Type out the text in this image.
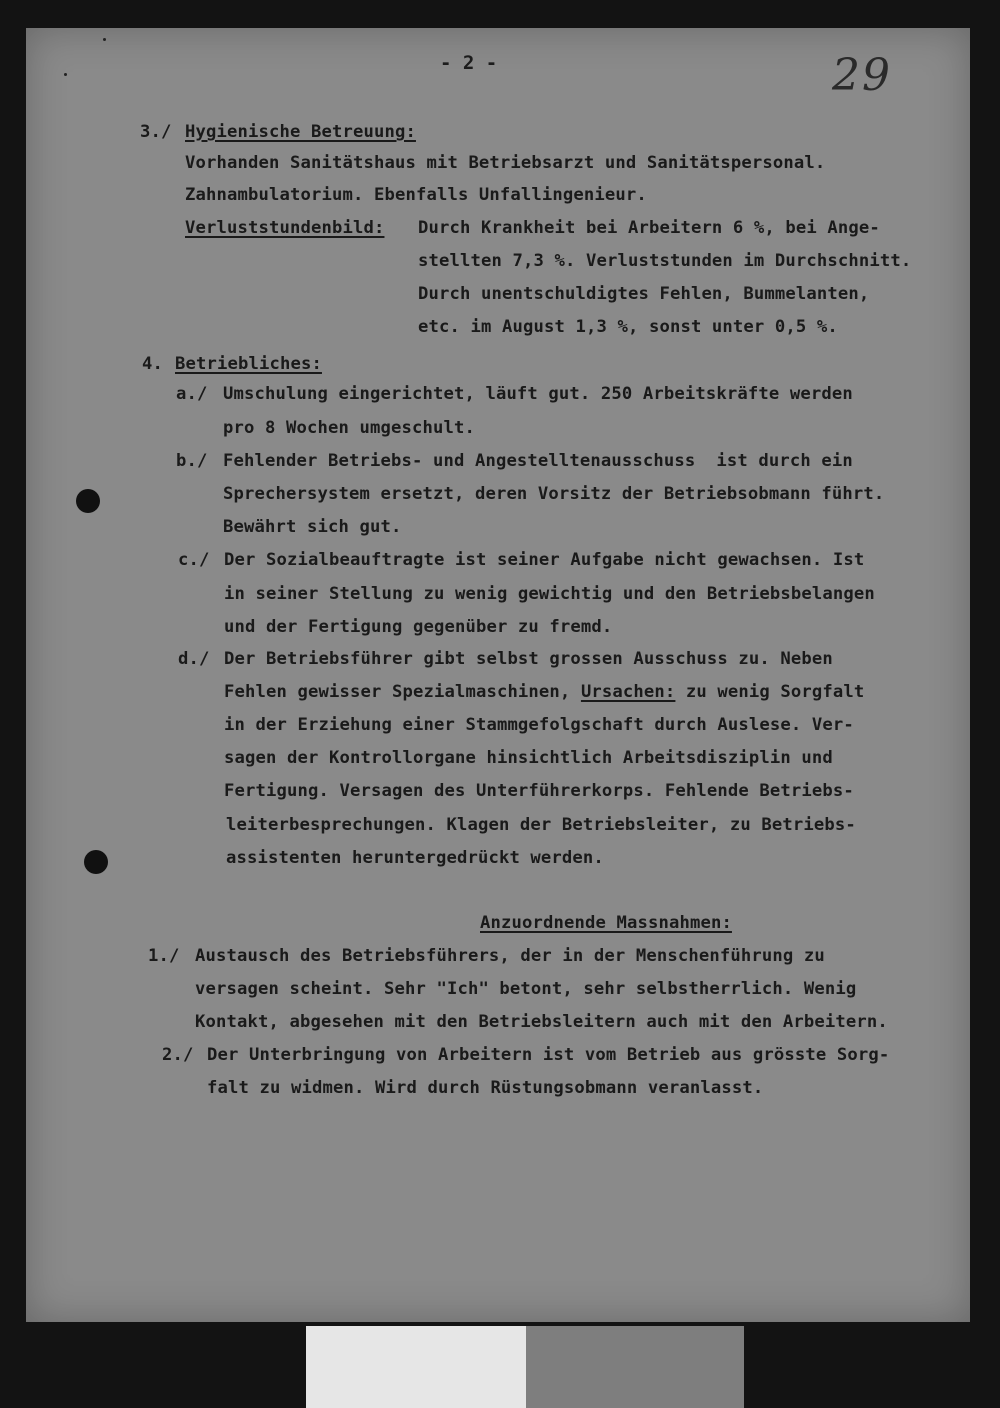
- 2 -	29
3./ Hygienische Betreuung:
Vorhanden Sanitätshaus mit Betriebsarzt und Sanitätspersonal.
Zahnambulatorium. Ebenfalls Unfallingenieur.
Verluststundenbild: Durch Krankheit bei Arbeitern 6 %, bei Ange-
stellten 7,3 %. Verluststunden im Durchschnitt.
Durch unentschuldigtes Fehlen, Bummelanten,
etc. im August 1,3 %, sonst unter 0,5 %.
4. Betriebliches:
a./ Umschulung eingerichtet, läuft gut. 250 Arbeitskräfte werden
pro 8 Wochen umgeschult.
b./ Fehlender Betriebs- und Angestelltenausschuss  ist durch ein
Sprechersystem ersetzt, deren Vorsitz der Betriebsobmann führt.
Bewährt sich gut.
c./ Der Sozialbeauftragte ist seiner Aufgabe nicht gewachsen. Ist
in seiner Stellung zu wenig gewichtig und den Betriebsbelangen
und der Fertigung gegenüber zu fremd.
d./ Der Betriebsführer gibt selbst grossen Ausschuss zu. Neben
Fehlen gewisser Spezialmaschinen, Ursachen: zu wenig Sorgfalt
in der Erziehung einer Stammgefolgschaft durch Auslese. Ver-
sagen der Kontrollorgane hinsichtlich Arbeitsdisziplin und
Fertigung. Versagen des Unterführerkorps. Fehlende Betriebs-
leiterbesprechungen. Klagen der Betriebsleiter, zu Betriebs-
assistenten heruntergedrückt werden.
Anzuordnende Massnahmen:
1./ Austausch des Betriebsführers, der in der Menschenführung zu
versagen scheint. Sehr "Ich" betont, sehr selbstherrlich. Wenig
Kontakt, abgesehen mit den Betriebsleitern auch mit den Arbeitern.
2./ Der Unterbringung von Arbeitern ist vom Betrieb aus grösste Sorg-
falt zu widmen. Wird durch Rüstungsobmann veranlasst.
